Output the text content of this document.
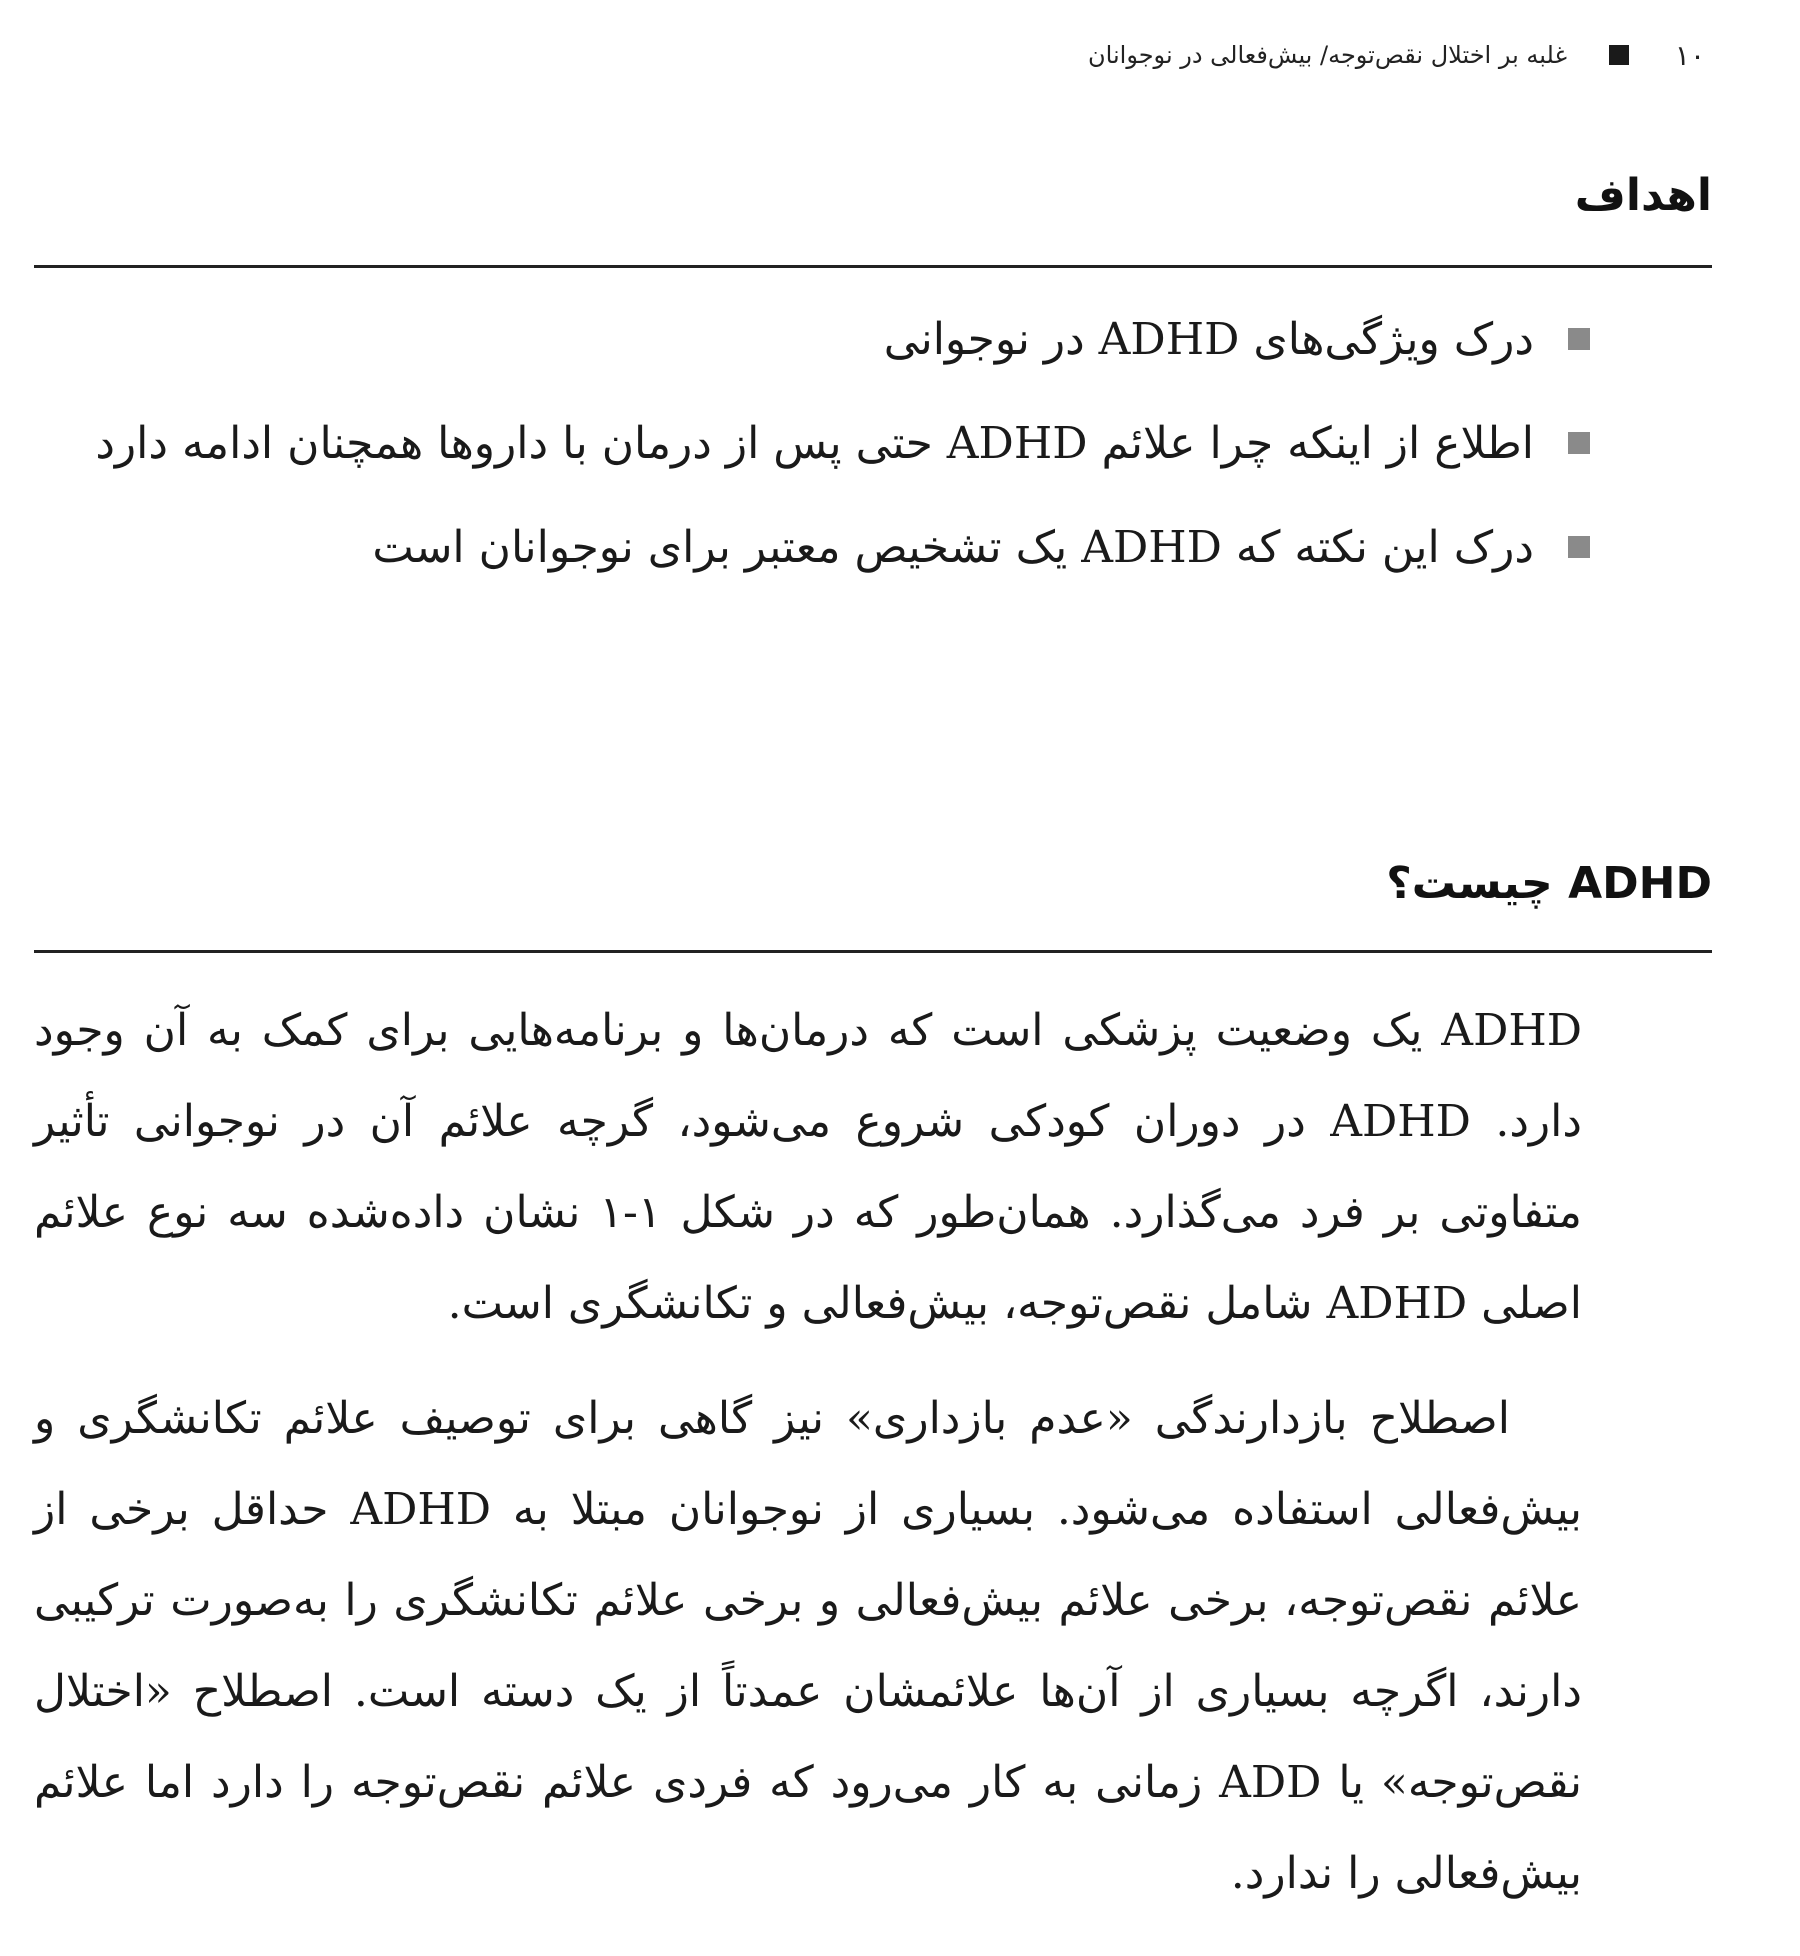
۱۰
غلبه بر اختلال نقص‌توجه/ بیش‌فعالی در نوجوانان
اهداف
درک ویژگی‌های ADHD در نوجوانی
اطلاع از اینکه چرا علائم ADHD حتی پس از درمان با داروها همچنان ادامه دارد
درک این نکته که ADHD یک تشخیص معتبر برای نوجوانان است
ADHD چیست؟

ADHD یک وضعیت پزشکی است که درمان‌ها و برنامه‌هایی برای کمک به آن وجود دارد. ADHD در دوران کودکی شروع می‌شود، گرچه علائم آن در نوجوانی تأثیر متفاوتی بر فرد می‌گذارد. همان‌طور که در شکل ۱-۱ نشان داده‌شده سه نوع علائم اصلی ADHD شامل نقص‌توجه، بیش‌فعالی و تکانشگری است.

اصطلاح بازدارندگی «عدم بازداری» نیز گاهی برای توصیف علائم تکانشگری و بیش‌فعالی استفاده می‌شود. بسیاری از نوجوانان مبتلا به ADHD حداقل برخی از علائم نقص‌توجه، برخی علائم بیش‌فعالی و برخی علائم تکانشگری را به‌صورت ترکیبی دارند، اگرچه بسیاری از آن‌ها علائمشان عمدتاً از یک دسته است. اصطلاح «اختلال نقص‌توجه» یا ADD زمانی به کار می‌رود که فردی علائم نقص‌توجه را دارد اما علائم بیش‌فعالی را ندارد.
